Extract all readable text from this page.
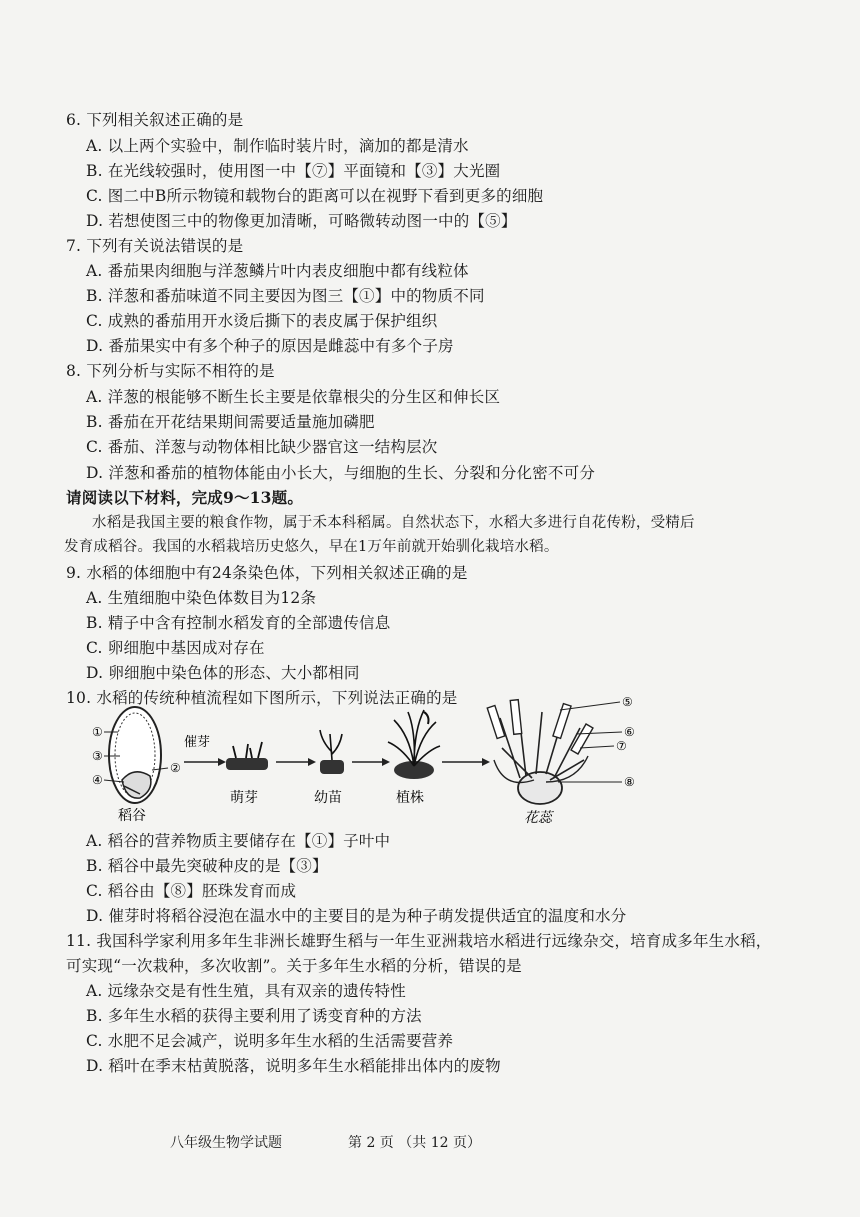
6. 下列相关叙述正确的是
A. 以上两个实验中，制作临时装片时，滴加的都是清水
B. 在光线较强时，使用图一中【⑦】平面镜和【③】大光圈
C. 图二中B所示物镜和载物台的距离可以在视野下看到更多的细胞
D. 若想使图三中的物像更加清晰，可略微转动图一中的【⑤】
7. 下列有关说法错误的是
A. 番茄果肉细胞与洋葱鳞片叶内表皮细胞中都有线粒体
B. 洋葱和番茄味道不同主要因为图三【①】中的物质不同
C. 成熟的番茄用开水烫后撕下的表皮属于保护组织
D. 番茄果实中有多个种子的原因是雌蕊中有多个子房
8. 下列分析与实际不相符的是
A. 洋葱的根能够不断生长主要是依靠根尖的分生区和伸长区
B. 番茄在开花结果期间需要适量施加磷肥
C. 番茄、洋葱与动物体相比缺少器官这一结构层次
D. 洋葱和番茄的植物体能由小长大，与细胞的生长、分裂和分化密不可分
请阅读以下材料，完成9～13题。
水稻是我国主要的粮食作物，属于禾本科稻属。自然状态下，水稻大多进行自花传粉，受精后
发育成稻谷。我国的水稻栽培历史悠久，早在1万年前就开始驯化栽培水稻。
9. 水稻的体细胞中有24条染色体，下列相关叙述正确的是
A. 生殖细胞中染色体数目为12条
B. 精子中含有控制水稻发育的全部遗传信息
C. 卵细胞中基因成对存在
D. 卵细胞中染色体的形态、大小都相同
10. 水稻的传统种植流程如下图所示，下列说法正确的是
①
③
④
②
稻谷
催芽
萌芽	幼苗	植株
⑤
⑥
⑦
⑧
花蕊
A. 稻谷的营养物质主要储存在【①】子叶中
B. 稻谷中最先突破种皮的是【③】
C. 稻谷由【⑧】胚珠发育而成
D. 催芽时将稻谷浸泡在温水中的主要目的是为种子萌发提供适宜的温度和水分
11. 我国科学家利用多年生非洲长雄野生稻与一年生亚洲栽培水稻进行远缘杂交，培育成多年生水稻，
可实现“一次栽种，多次收割”。关于多年生水稻的分析，错误的是
A. 远缘杂交是有性生殖，具有双亲的遗传特性
B. 多年生水稻的获得主要利用了诱变育种的方法
C. 水肥不足会减产，说明多年生水稻的生活需要营养
D. 稻叶在季末枯黄脱落，说明多年生水稻能排出体内的废物
八年级生物学试题	第 2 页 （共 12 页）
